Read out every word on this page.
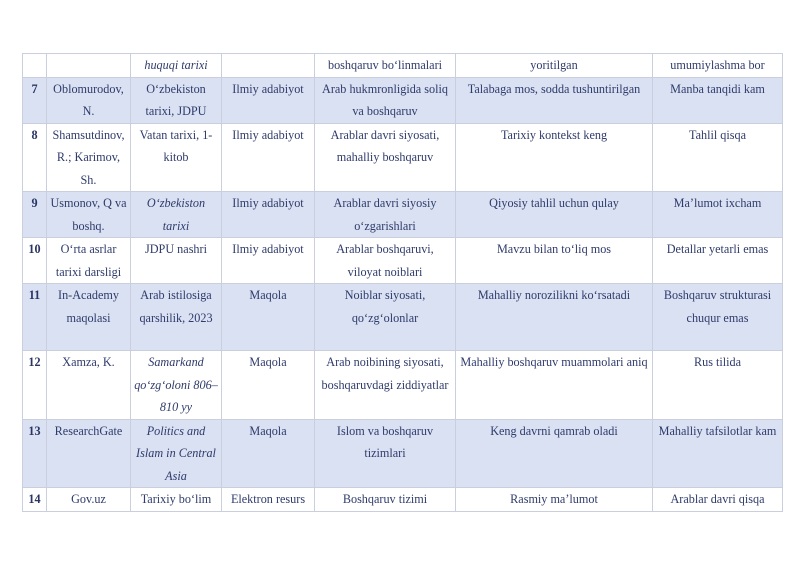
		huquqi tarixi		boshqaruv bo‘linmalari	yoritilgan	umumiylashma bor
7	Oblomurodov, N.	O‘zbekiston tarixi, JDPU	Ilmiy adabiyot	Arab hukmronligida soliq va boshqaruv	Talabaga mos, sodda tushuntirilgan	Manba tanqidi kam
8	Shamsutdinov, R.; Karimov, Sh.	Vatan tarixi, 1-kitob	Ilmiy adabiyot	Arablar davri siyosati, mahalliy boshqaruv	Tarixiy kontekst keng	Tahlil qisqa
9	Usmonov, Q va boshq.	O‘zbekiston tarixi	Ilmiy adabiyot	Arablar davri siyosiy o‘zgarishlari	Qiyosiy tahlil uchun qulay	Ma’lumot ixcham
10	O‘rta asrlar tarixi darsligi	JDPU nashri	Ilmiy adabiyot	Arablar boshqaruvi, viloyat noiblari	Mavzu bilan to‘liq mos	Detallar yetarli emas
11	In-Academy maqolasi	Arab istilosiga qarshilik, 2023	Maqola	Noiblar siyosati, qo‘zg‘olonlar	Mahalliy noroziliknі ko‘rsatadi	Boshqaruv strukturasi chuqur emas
12	Xamza, K.	Samarkand qo‘zg‘oloni 806–810 yy	Maqola	Arab noibining siyosati, boshqaruvdagi ziddiyatlar	Mahalliy boshqaruv muammolari aniq	Rus tilida
13	ResearchGate	Politics and Islam in Central Asia	Maqola	Islom va boshqaruv tizimlari	Keng davrni qamrab oladi	Mahalliy tafsilotlar kam
14	Gov.uz	Tarixiy bo‘lim	Elektron resurs	Boshqaruv tizimi	Rasmiy ma’lumot	Arablar davri qisqa
